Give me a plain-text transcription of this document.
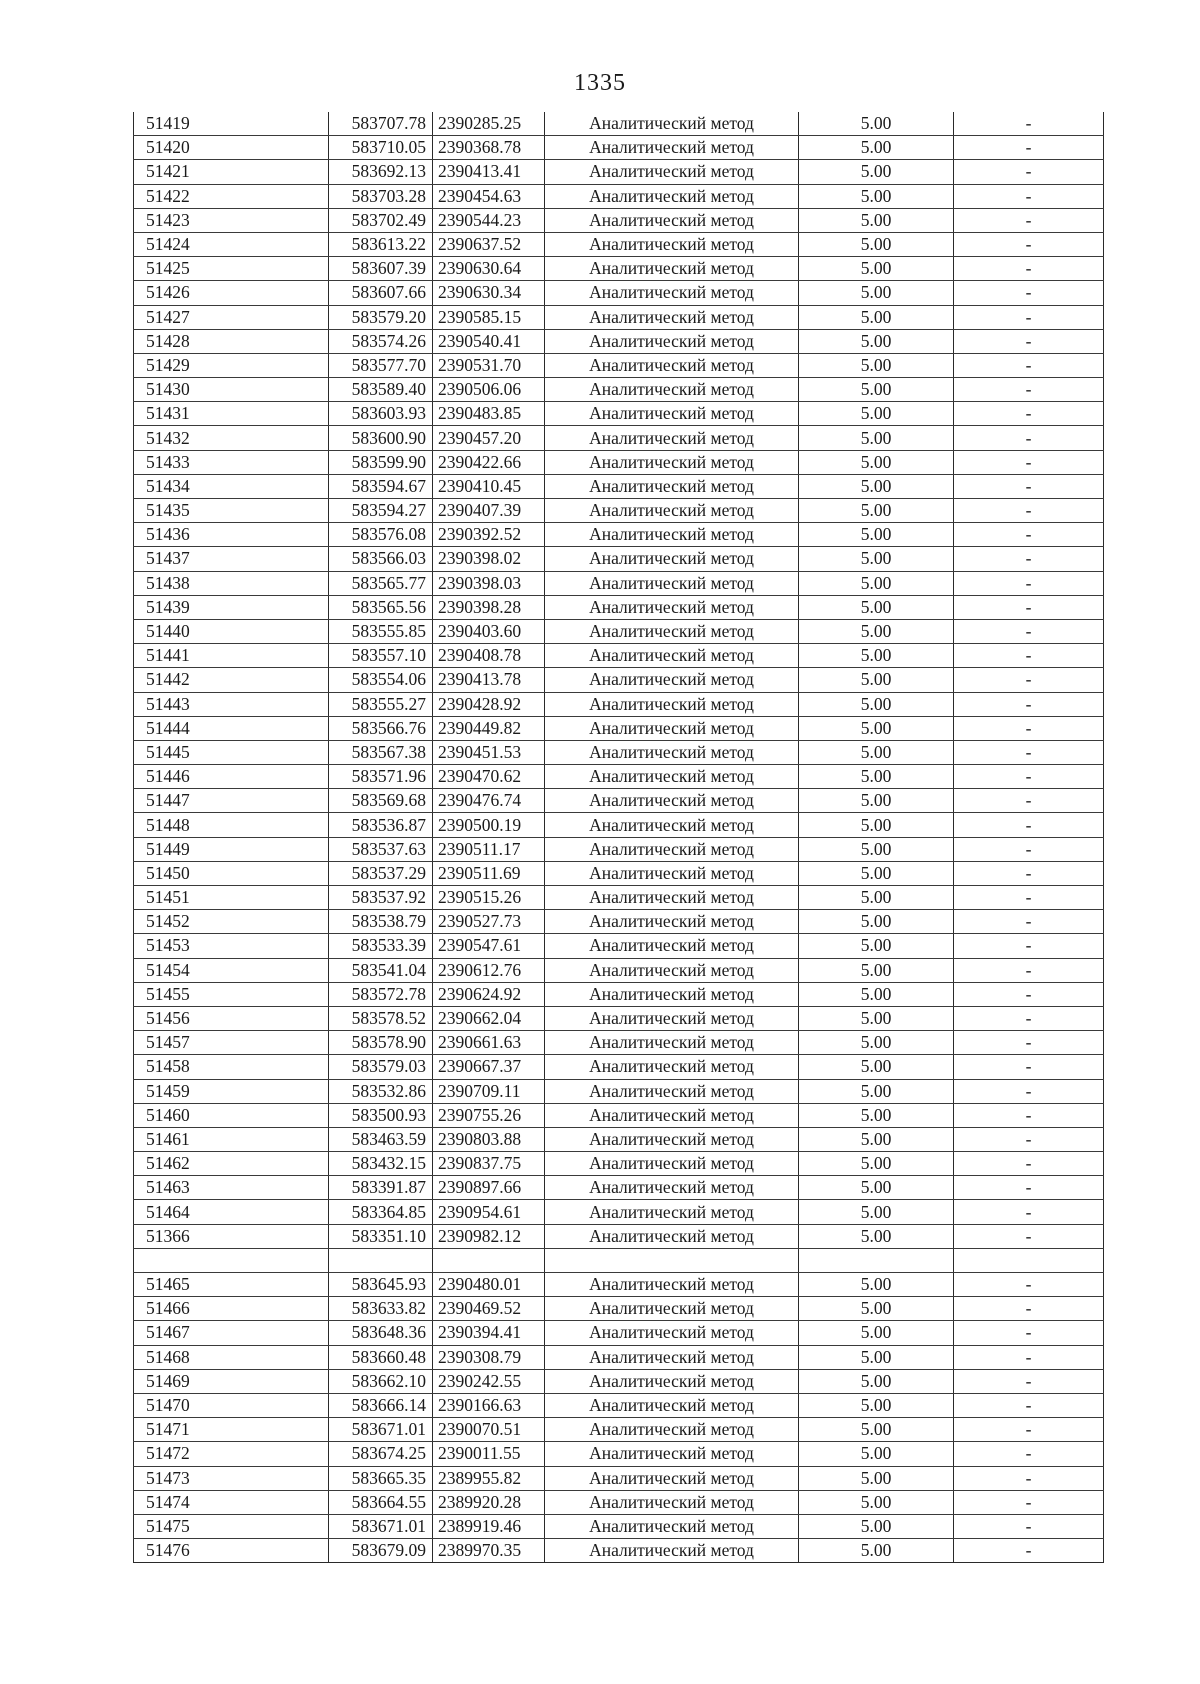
1335
51419	583707.78	2390285.25	Аналитический метод	5.00	-
51420	583710.05	2390368.78	Аналитический метод	5.00	-
51421	583692.13	2390413.41	Аналитический метод	5.00	-
51422	583703.28	2390454.63	Аналитический метод	5.00	-
51423	583702.49	2390544.23	Аналитический метод	5.00	-
51424	583613.22	2390637.52	Аналитический метод	5.00	-
51425	583607.39	2390630.64	Аналитический метод	5.00	-
51426	583607.66	2390630.34	Аналитический метод	5.00	-
51427	583579.20	2390585.15	Аналитический метод	5.00	-
51428	583574.26	2390540.41	Аналитический метод	5.00	-
51429	583577.70	2390531.70	Аналитический метод	5.00	-
51430	583589.40	2390506.06	Аналитический метод	5.00	-
51431	583603.93	2390483.85	Аналитический метод	5.00	-
51432	583600.90	2390457.20	Аналитический метод	5.00	-
51433	583599.90	2390422.66	Аналитический метод	5.00	-
51434	583594.67	2390410.45	Аналитический метод	5.00	-
51435	583594.27	2390407.39	Аналитический метод	5.00	-
51436	583576.08	2390392.52	Аналитический метод	5.00	-
51437	583566.03	2390398.02	Аналитический метод	5.00	-
51438	583565.77	2390398.03	Аналитический метод	5.00	-
51439	583565.56	2390398.28	Аналитический метод	5.00	-
51440	583555.85	2390403.60	Аналитический метод	5.00	-
51441	583557.10	2390408.78	Аналитический метод	5.00	-
51442	583554.06	2390413.78	Аналитический метод	5.00	-
51443	583555.27	2390428.92	Аналитический метод	5.00	-
51444	583566.76	2390449.82	Аналитический метод	5.00	-
51445	583567.38	2390451.53	Аналитический метод	5.00	-
51446	583571.96	2390470.62	Аналитический метод	5.00	-
51447	583569.68	2390476.74	Аналитический метод	5.00	-
51448	583536.87	2390500.19	Аналитический метод	5.00	-
51449	583537.63	2390511.17	Аналитический метод	5.00	-
51450	583537.29	2390511.69	Аналитический метод	5.00	-
51451	583537.92	2390515.26	Аналитический метод	5.00	-
51452	583538.79	2390527.73	Аналитический метод	5.00	-
51453	583533.39	2390547.61	Аналитический метод	5.00	-
51454	583541.04	2390612.76	Аналитический метод	5.00	-
51455	583572.78	2390624.92	Аналитический метод	5.00	-
51456	583578.52	2390662.04	Аналитический метод	5.00	-
51457	583578.90	2390661.63	Аналитический метод	5.00	-
51458	583579.03	2390667.37	Аналитический метод	5.00	-
51459	583532.86	2390709.11	Аналитический метод	5.00	-
51460	583500.93	2390755.26	Аналитический метод	5.00	-
51461	583463.59	2390803.88	Аналитический метод	5.00	-
51462	583432.15	2390837.75	Аналитический метод	5.00	-
51463	583391.87	2390897.66	Аналитический метод	5.00	-
51464	583364.85	2390954.61	Аналитический метод	5.00	-
51366	583351.10	2390982.12	Аналитический метод	5.00	-

51465	583645.93	2390480.01	Аналитический метод	5.00	-
51466	583633.82	2390469.52	Аналитический метод	5.00	-
51467	583648.36	2390394.41	Аналитический метод	5.00	-
51468	583660.48	2390308.79	Аналитический метод	5.00	-
51469	583662.10	2390242.55	Аналитический метод	5.00	-
51470	583666.14	2390166.63	Аналитический метод	5.00	-
51471	583671.01	2390070.51	Аналитический метод	5.00	-
51472	583674.25	2390011.55	Аналитический метод	5.00	-
51473	583665.35	2389955.82	Аналитический метод	5.00	-
51474	583664.55	2389920.28	Аналитический метод	5.00	-
51475	583671.01	2389919.46	Аналитический метод	5.00	-
51476	583679.09	2389970.35	Аналитический метод	5.00	-
